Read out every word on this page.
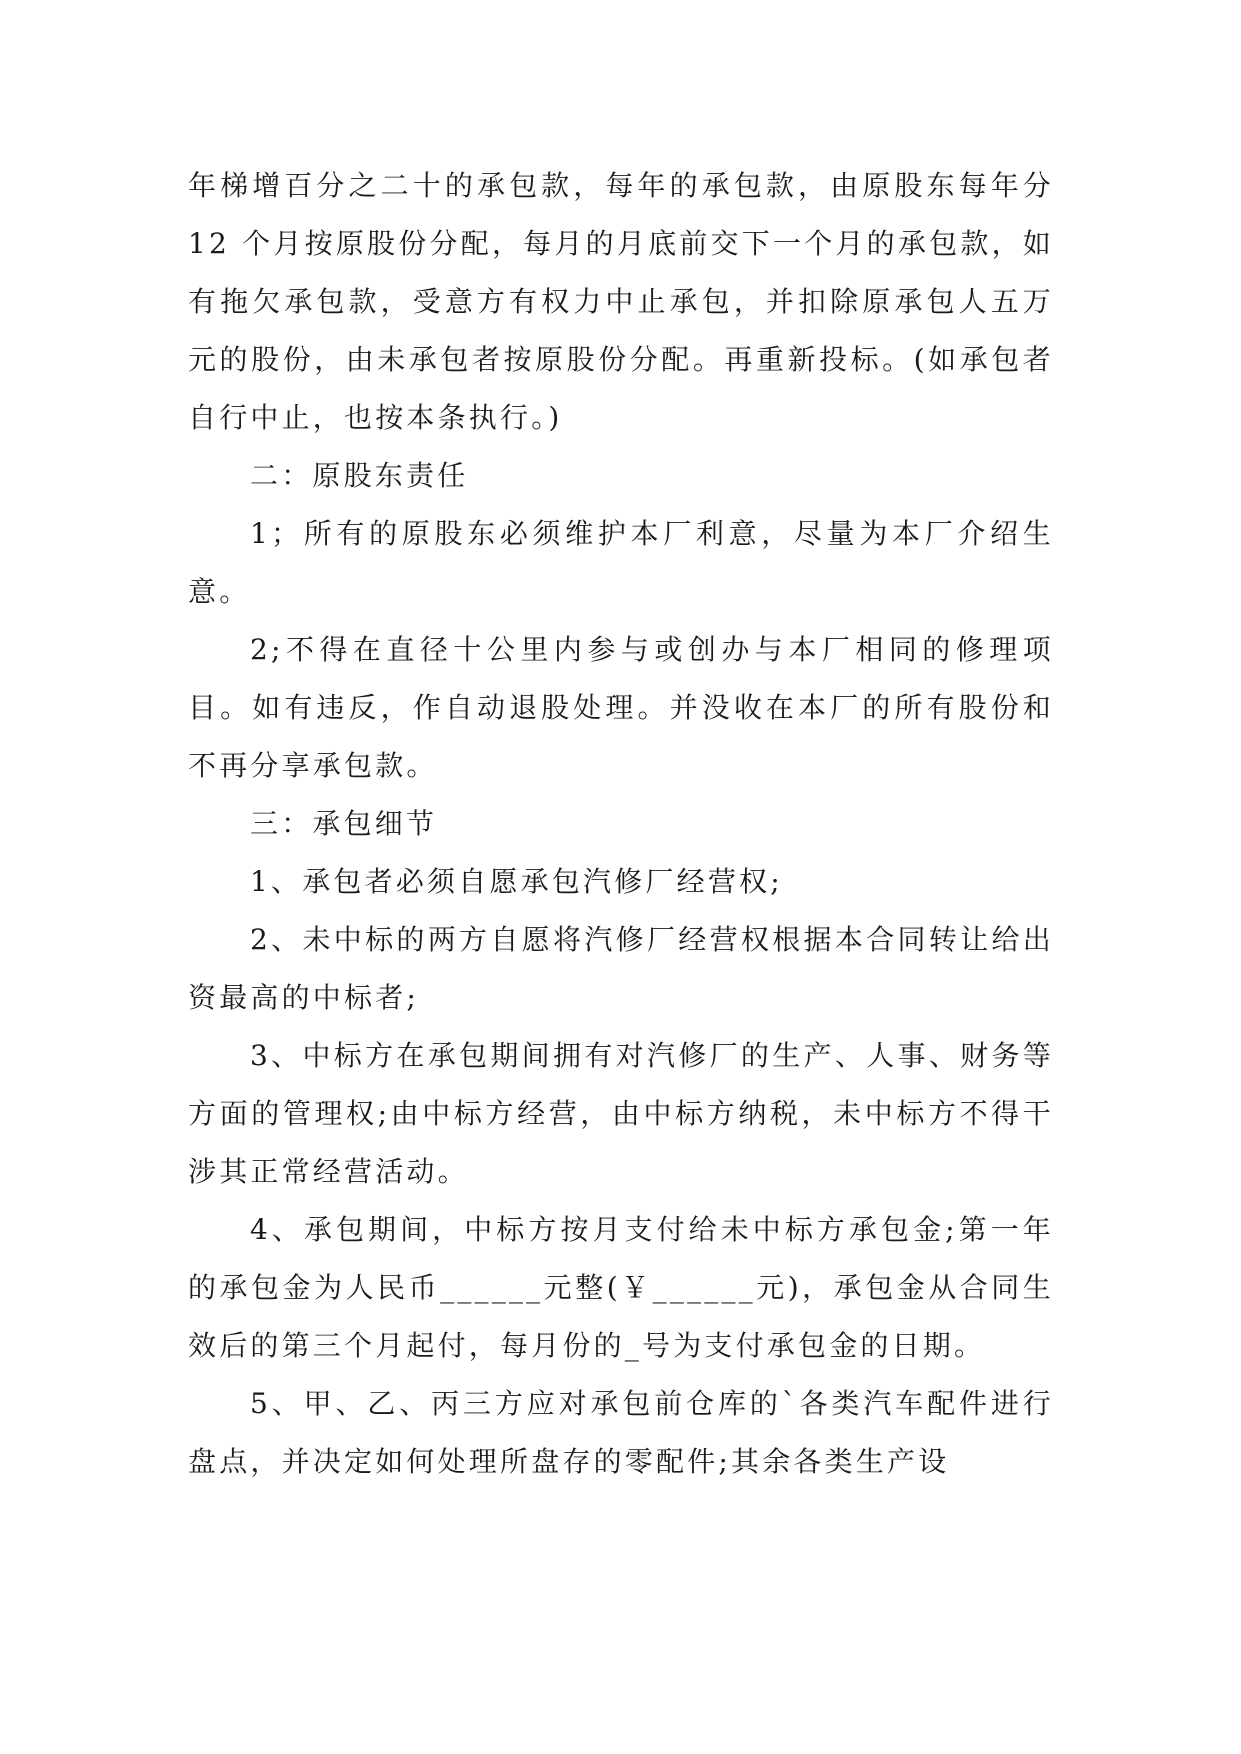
年梯增百分之二十的承包款，每年的承包款，由原股东每年分 12 个月按原股份分配，每月的月底前交下一个月的承包款，如有拖欠承包款，受意方有权力中止承包，并扣除原承包人五万元的股份，由未承包者按原股份分配。再重新投标。(如承包者自行中止，也按本条执行。)

二：原股东责任

1；所有的原股东必须维护本厂利意，尽量为本厂介绍生意。

2;不得在直径十公里内参与或创办与本厂相同的修理项目。如有违反，作自动退股处理。并没收在本厂的所有股份和不再分享承包款。

三：承包细节

1、承包者必须自愿承包汽修厂经营权;

2、未中标的两方自愿将汽修厂经营权根据本合同转让给出资最高的中标者;

3、中标方在承包期间拥有对汽修厂的生产、人事、财务等方面的管理权;由中标方经营，由中标方纳税，未中标方不得干涉其正常经营活动。

4、承包期间，中标方按月支付给未中标方承包金;第一年的承包金为人民币______元整(￥______元)，承包金从合同生效后的第三个月起付，每月份的_号为支付承包金的日期。

5、甲、乙、丙三方应对承包前仓库的`各类汽车配件进行盘点，并决定如何处理所盘存的零配件;其余各类生产设
